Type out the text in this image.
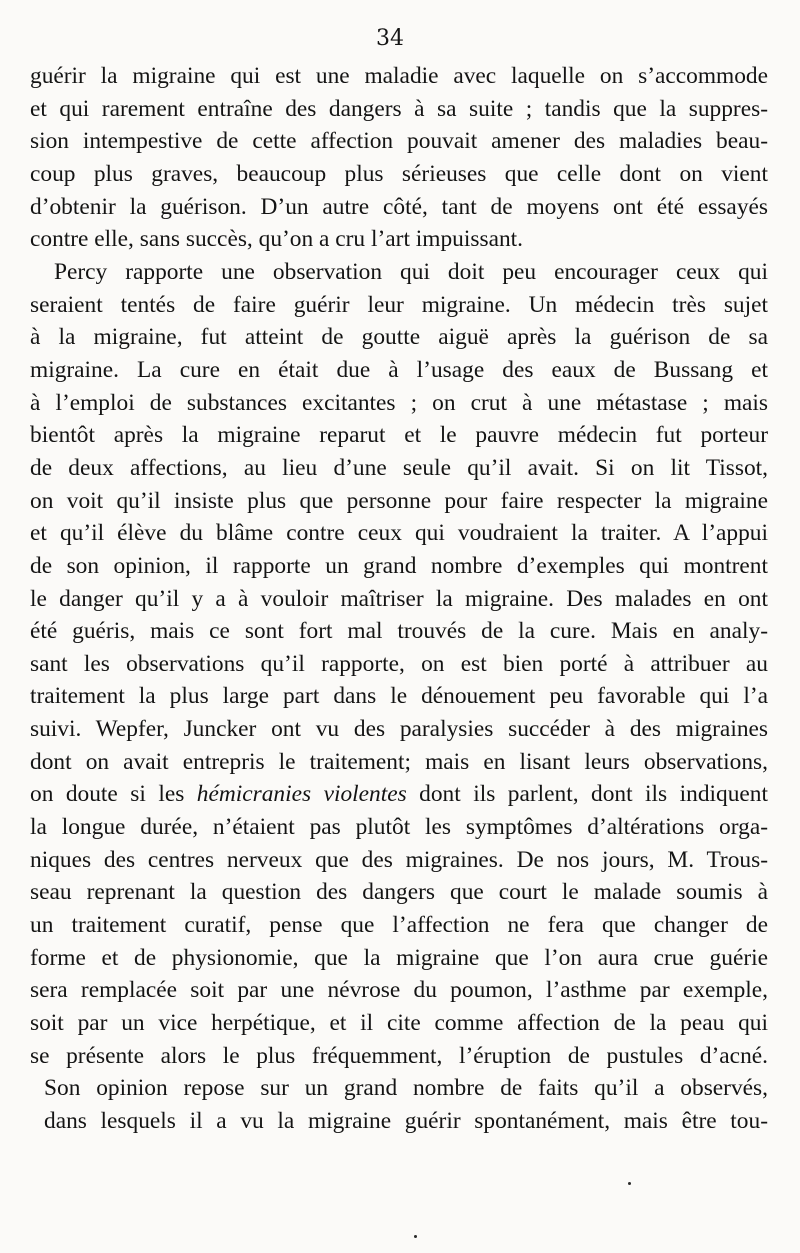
34
guérir la migraine qui est une maladie avec laquelle on s’accommode
et qui rarement entraîne des dangers à sa suite ; tandis que la suppres-
sion intempestive de cette affection pouvait amener des maladies beau-
coup plus graves, beaucoup plus sérieuses que celle dont on vient
d’obtenir la guérison. D’un autre côté, tant de moyens ont été essayés
contre elle, sans succès, qu’on a cru l’art impuissant.
Percy rapporte une observation qui doit peu encourager ceux qui
seraient tentés de faire guérir leur migraine. Un médecin très sujet
à la migraine, fut atteint de goutte aiguë après la guérison de sa
migraine. La cure en était due à l’usage des eaux de Bussang et
à l’emploi de substances excitantes ; on crut à une métastase ; mais
bientôt après la migraine reparut et le pauvre médecin fut porteur
de deux affections, au lieu d’une seule qu’il avait. Si on lit Tissot,
on voit qu’il insiste plus que personne pour faire respecter la migraine
et qu’il élève du blâme contre ceux qui voudraient la traiter. A l’appui
de son opinion, il rapporte un grand nombre d’exemples qui montrent
le danger qu’il y a à vouloir maîtriser la migraine. Des malades en ont
été guéris, mais ce sont fort mal trouvés de la cure. Mais en analy-
sant les observations qu’il rapporte, on est bien porté à attribuer au
traitement la plus large part dans le dénouement peu favorable qui l’a
suivi. Wepfer, Juncker ont vu des paralysies succéder à des migraines
dont on avait entrepris le traitement; mais en lisant leurs observations,
on doute si les hémicranies violentes dont ils parlent, dont ils indiquent
la longue durée, n’étaient pas plutôt les symptômes d’altérations orga-
niques des centres nerveux que des migraines. De nos jours, M. Trous-
seau reprenant la question des dangers que court le malade soumis à
un traitement curatif, pense que l’affection ne fera que changer de
forme et de physionomie, que la migraine que l’on aura crue guérie
sera remplacée soit par une névrose du poumon, l’asthme par exemple,
soit par un vice herpétique, et il cite comme affection de la peau qui
se présente alors le plus fréquemment, l’éruption de pustules d’acné.
Son opinion repose sur un grand nombre de faits qu’il a observés,
dans lesquels il a vu la migraine guérir spontanément, mais être tou-
